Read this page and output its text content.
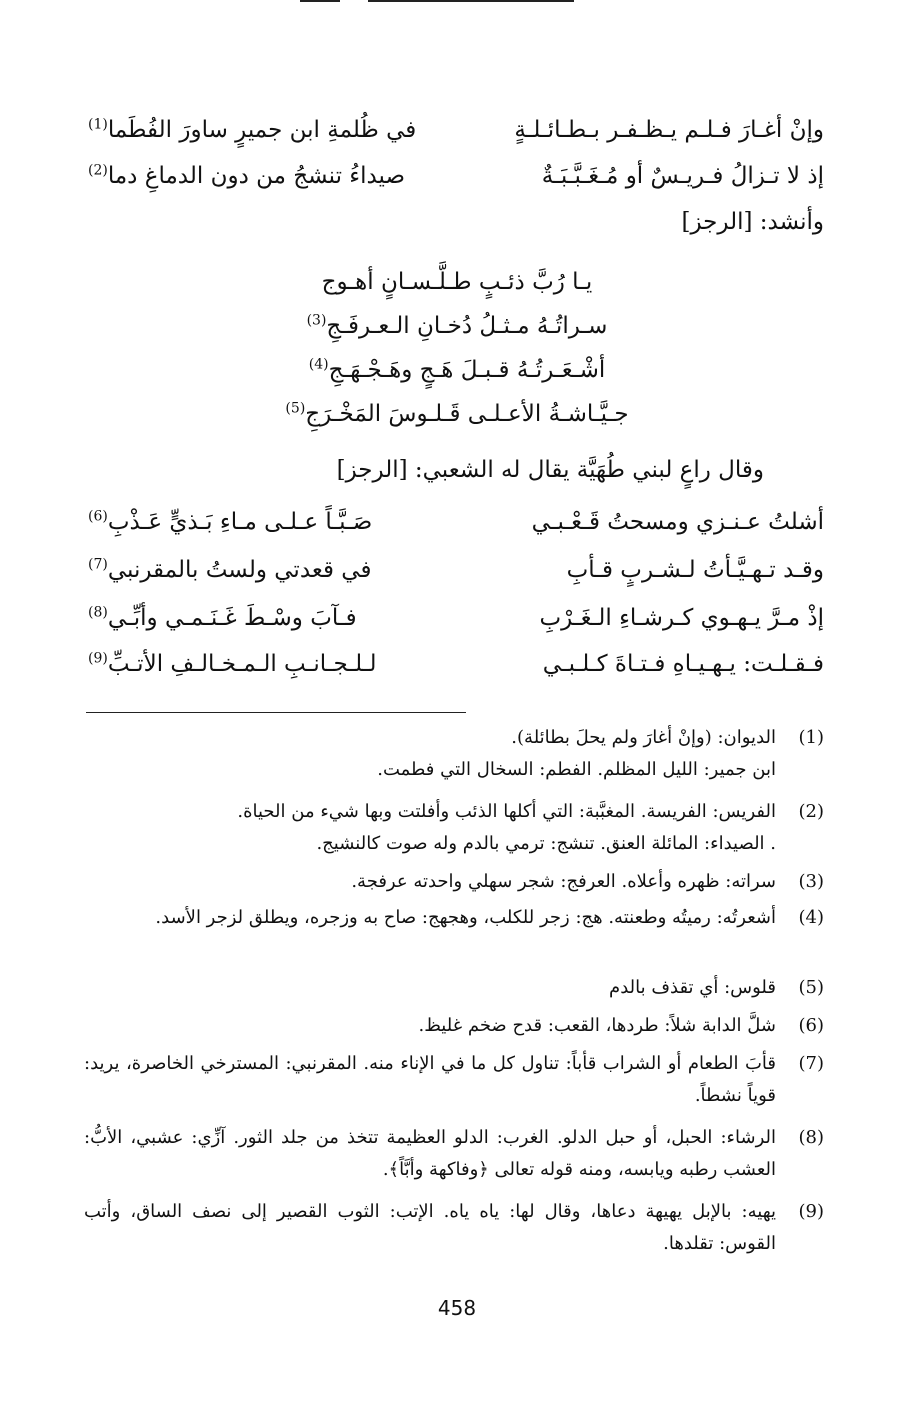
وإنْ أغـارَ فـلـم يـظـفـر بـطـائـلـةٍ
في ظُلمةِ ابن جميرٍ ساورَ الفُطَما$^{(1)}$
إذ لا تـزالُ فـريـسٌ أو مُـغَـبَّـبَـةٌ
صيداءُ تنشجُ من دون الدماغِ دما$^{(2)}$
وأنشد: [الرجز]
يـا رُبَّ ذئـبٍ طـلَّـسـانٍ أهـوج
سـراتُـهُ مـثـلُ دُخـانِ الـعـرفَـجِ$^{(3)}$
أشْـعَـرتُـهُ قـبـلَ هَـجٍ وهَـجْـهَـجِ$^{(4)}$
جـيَّـاشـةُ الأعـلـى قَـلـوسَ المَخْـرَجِ$^{(5)}$
وقال راعٍ لبني طُهَيَّة يقال له الشعبي: [الرجز]
أشلتُ عـنـزي ومسحتُ قَـعْـبـي
صَـبَّـاً عـلـى مـاءِ بَـذيٍّ عَـذْبِ$^{(6)}$
وقـد تـهـيَّـأتُ لـشـربٍ قـأبِ
في قعدتي ولستُ بالمقرنبي$^{(7)}$
إذْ مـرَّ يـهـوي كـرشـاءِ الـغَـرْبِ
فـآبَ وسْـطَ غَـنَـمـي وأبِّـي$^{(8)}$
فـقـلـت: يـهـيـاهِ فـتـاةَ كـلـبـي
لـلـجـانـبِ الـمـخـالـفِ الأتـبِّ$^{(9)}$
(1)
الديوان: (وإنْ أغارَ ولم يحلَ بطائلة).
ابن جمير: الليل المظلم. الفطم: السخال التي فطمت.
(2)
الفريس: الفريسة. المغبَّبة: التي أكلها الذئب وأفلتت وبها شيء من الحياة.
. الصيداء: المائلة العنق. تنشج: ترمي بالدم وله صوت كالنشيج.
(3)
سراته: ظهره وأعلاه. العرفج: شجر سهلي واحدته عرفجة.
(4)
أشعرتُه: رميتُه وطعنته. هج: زجر للكلب، وهجهج: صاح به وزجره، ويطلق لزجر الأسد.
(5)
قلوس: أي تقذف بالدم
(6)
شلَّ الدابة شلاً: طردها، القعب: قدح ضخم غليظ.
(7)
قأبَ الطعام أو الشراب قأباً: تناول كل ما في الإناء منه. المقرنبي: المسترخي الخاصرة، يريد: قوياً نشطاً.
(8)
الرشاء: الحبل، أو حبل الدلو. الغرب: الدلو العظيمة تتخذ من جلد الثور. آزِّي: عشبي، الأبُّ: العشب رطبه ويابسه، ومنه قوله تعالى ﴿وفاكهة وأبَّاً﴾.
(9)
يهيه: بالإبل يهيهة دعاها، وقال لها: ياه ياه. الإتب: الثوب القصير إلى نصف الساق، وأتب القوس: تقلدها.
458
